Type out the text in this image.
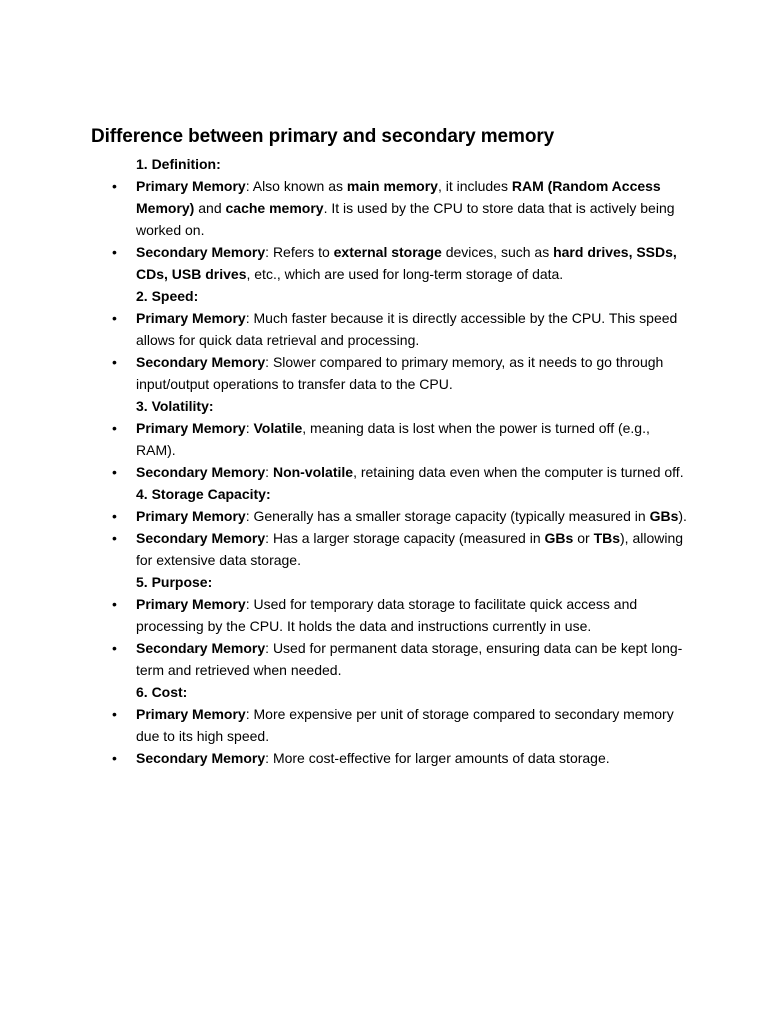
Difference between primary and secondary memory
1. Definition:
• Primary Memory: Also known as main memory, it includes RAM (Random Access Memory) and cache memory. It is used by the CPU to store data that is actively being worked on.
• Secondary Memory: Refers to external storage devices, such as hard drives, SSDs, CDs, USB drives, etc., which are used for long-term storage of data.
2. Speed:
• Primary Memory: Much faster because it is directly accessible by the CPU. This speed allows for quick data retrieval and processing.
• Secondary Memory: Slower compared to primary memory, as it needs to go through input/output operations to transfer data to the CPU.
3. Volatility:
• Primary Memory: Volatile, meaning data is lost when the power is turned off (e.g., RAM).
• Secondary Memory: Non-volatile, retaining data even when the computer is turned off.
4. Storage Capacity:
• Primary Memory: Generally has a smaller storage capacity (typically measured in GBs).
• Secondary Memory: Has a larger storage capacity (measured in GBs or TBs), allowing for extensive data storage.
5. Purpose:
• Primary Memory: Used for temporary data storage to facilitate quick access and processing by the CPU. It holds the data and instructions currently in use.
• Secondary Memory: Used for permanent data storage, ensuring data can be kept long-term and retrieved when needed.
6. Cost:
• Primary Memory: More expensive per unit of storage compared to secondary memory due to its high speed.
• Secondary Memory: More cost-effective for larger amounts of data storage.
